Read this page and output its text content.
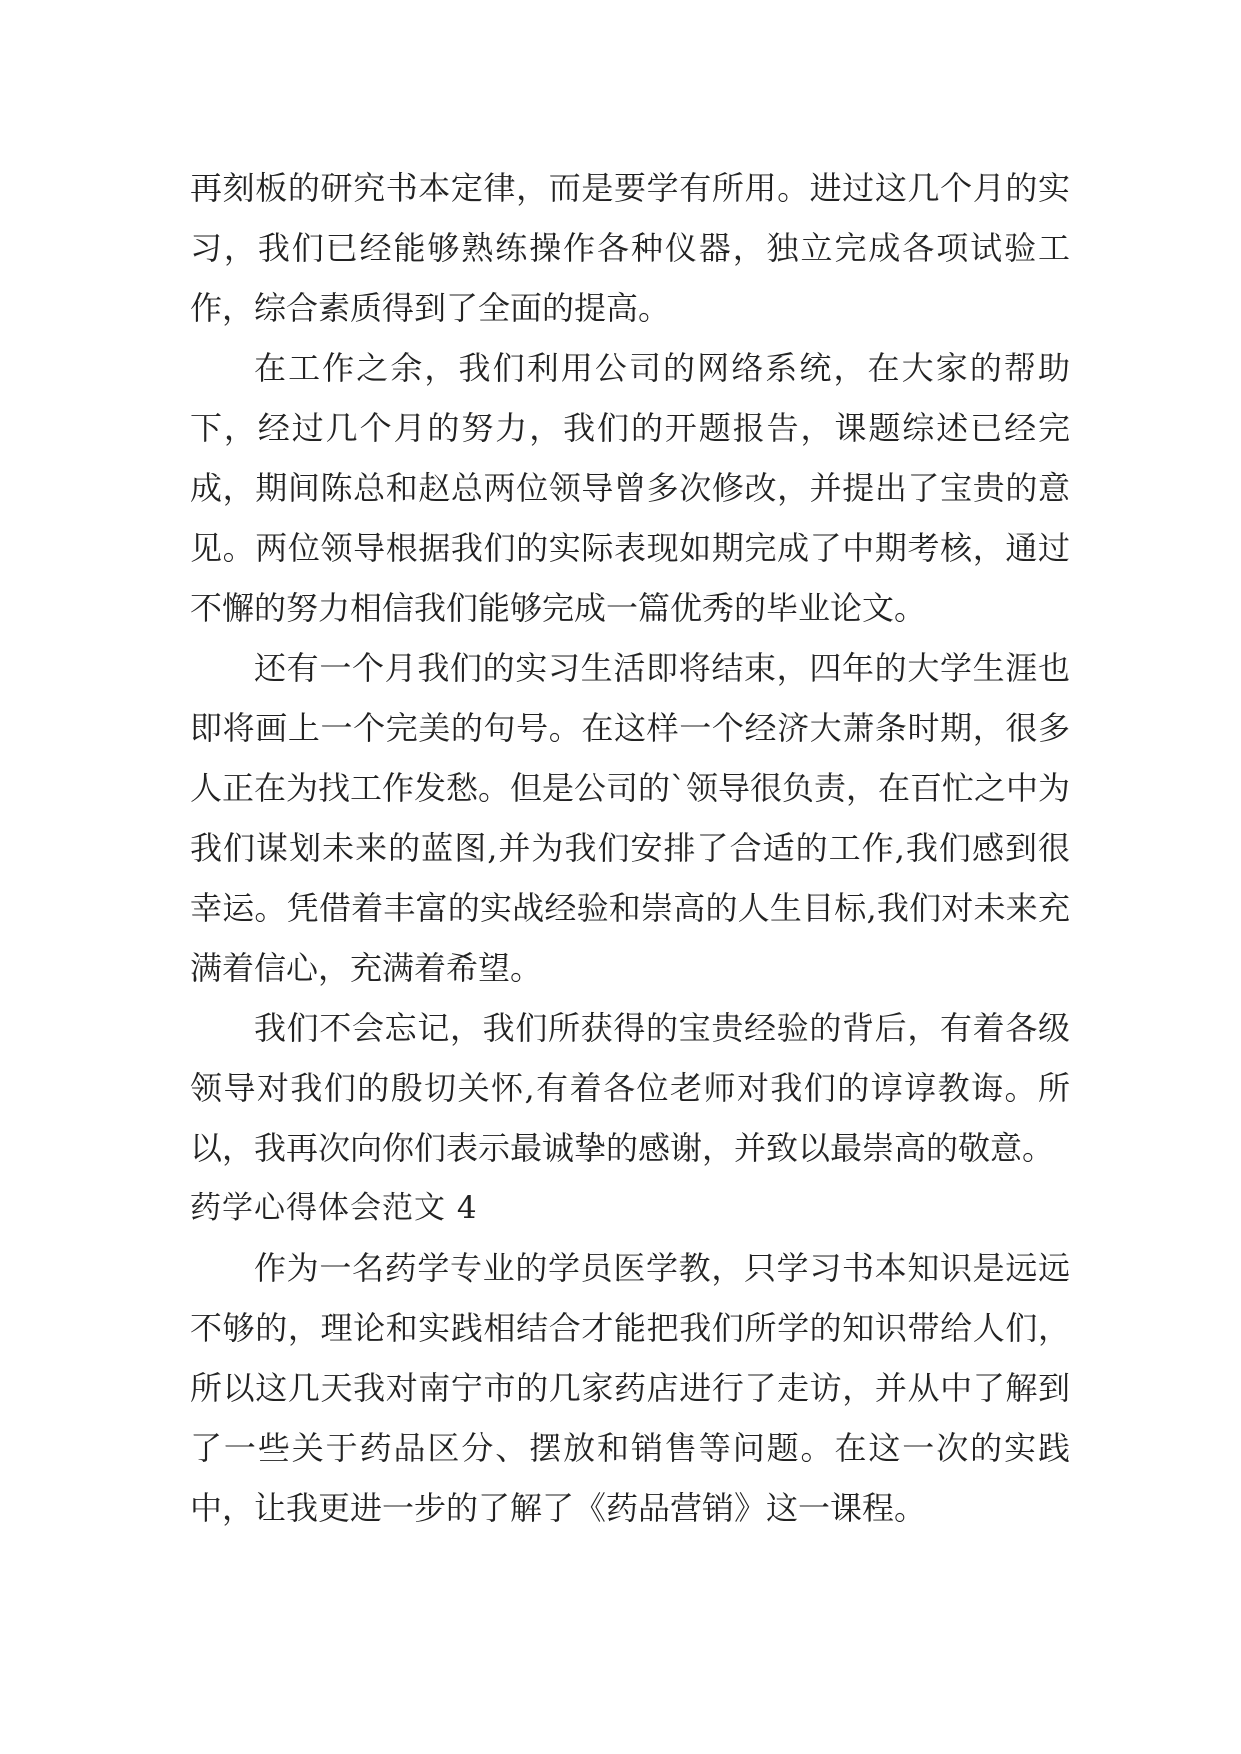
再刻板的研究书本定律，而是要学有所用。进过这几个月的实习，我们已经能够熟练操作各种仪器，独立完成各项试验工作，综合素质得到了全面的提高。

在工作之余，我们利用公司的网络系统，在大家的帮助下，经过几个月的努力，我们的开题报告，课题综述已经完成，期间陈总和赵总两位领导曾多次修改，并提出了宝贵的意见。两位领导根据我们的实际表现如期完成了中期考核，通过不懈的努力相信我们能够完成一篇优秀的毕业论文。

还有一个月我们的实习生活即将结束，四年的大学生涯也即将画上一个完美的句号。在这样一个经济大萧条时期，很多人正在为找工作发愁。但是公司的`领导很负责，在百忙之中为我们谋划未来的蓝图,并为我们安排了合适的工作,我们感到很幸运。凭借着丰富的实战经验和崇高的人生目标,我们对未来充满着信心，充满着希望。

我们不会忘记，我们所获得的宝贵经验的背后，有着各级领导对我们的殷切关怀,有着各位老师对我们的谆谆教诲。所以，我再次向你们表示最诚挚的感谢，并致以最崇高的敬意。

药学心得体会范文 4

作为一名药学专业的学员医学教，只学习书本知识是远远不够的，理论和实践相结合才能把我们所学的知识带给人们，所以这几天我对南宁市的几家药店进行了走访，并从中了解到了一些关于药品区分、摆放和销售等问题。在这一次的实践中，让我更进一步的了解了《药品营销》这一课程。
